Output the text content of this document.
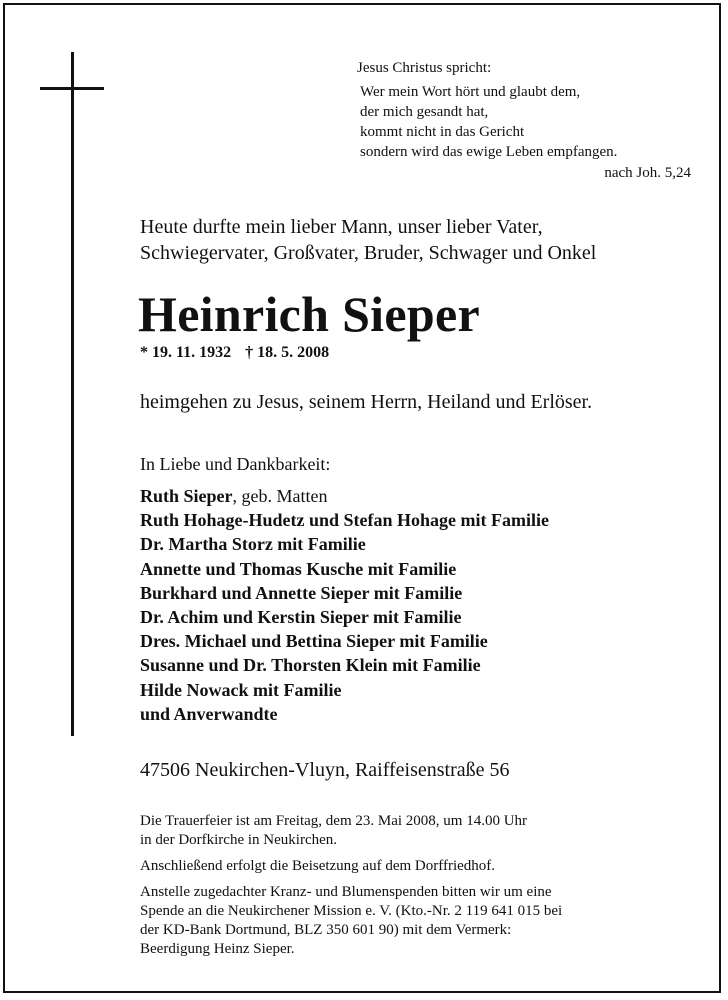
Jesus Christus spricht:
Wer mein Wort hört und glaubt dem,
der mich gesandt hat,
kommt nicht in das Gericht
sondern wird das ewige Leben empfangen.
nach Joh. 5,24
Heute durfte mein lieber Mann, unser lieber Vater,
Schwiegervater, Großvater, Bruder, Schwager und Onkel
Heinrich Sieper
* 19. 11. 1932 † 18. 5. 2008
heimgehen zu Jesus, seinem Herrn, Heiland und Erlöser.
In Liebe und Dankbarkeit:
Ruth Sieper, geb. Matten
Ruth Hohage-Hudetz und Stefan Hohage mit Familie
Dr. Martha Storz mit Familie
Annette und Thomas Kusche mit Familie
Burkhard und Annette Sieper mit Familie
Dr. Achim und Kerstin Sieper mit Familie
Dres. Michael und Bettina Sieper mit Familie
Susanne und Dr. Thorsten Klein mit Familie
Hilde Nowack mit Familie
und Anverwandte
47506 Neukirchen-Vluyn, Raiffeisenstraße 56

Die Trauerfeier ist am Freitag, dem 23. Mai 2008, um 14.00 Uhr
in der Dorfkirche in Neukirchen.

Anschließend erfolgt die Beisetzung auf dem Dorffriedhof.

Anstelle zugedachter Kranz- und Blumenspenden bitten wir um eine
Spende an die Neukirchener Mission e. V. (Kto.-Nr. 2 119 641 015 bei
der KD-Bank Dortmund, BLZ 350 601 90) mit dem Vermerk:
Beerdigung Heinz Sieper.
